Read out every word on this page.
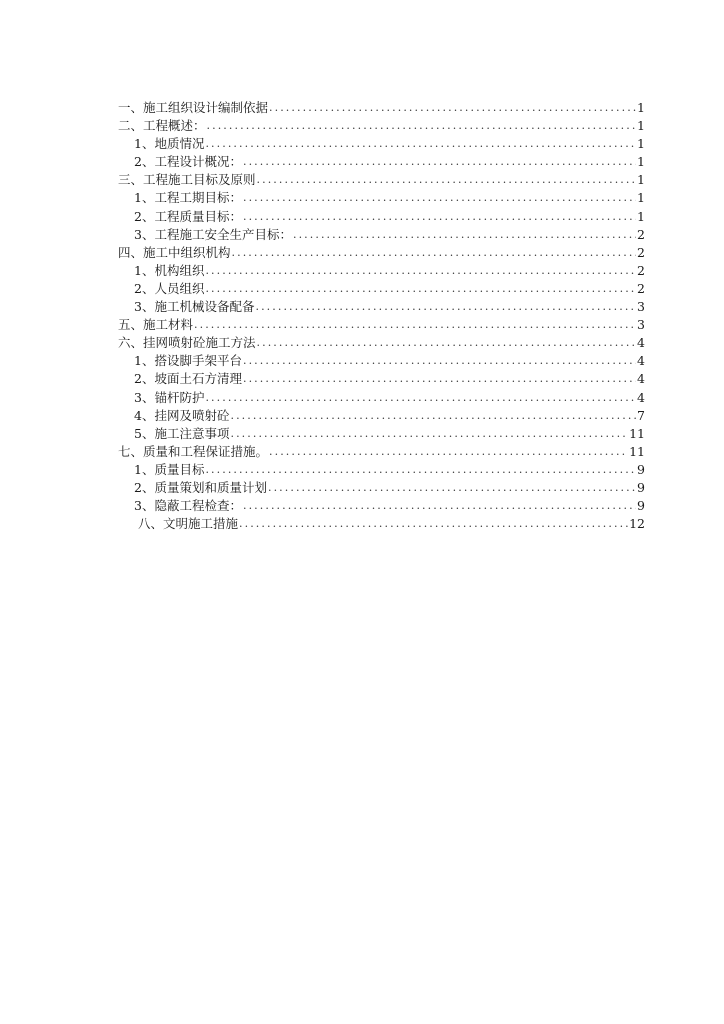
一、施工组织设计编制依据 .....	1
二、工程概述： .....	1
1、地质情况 .....	1
2、工程设计概况： .....	1
三、工程施工目标及原则 .....	1
1、工程工期目标： .....	1
2、工程质量目标： .....	1
3、工程施工安全生产目标： .....	2
四、施工中组织机构 .....	2
1、机构组织 .....	2
2、人员组织 .....	2
3、施工机械设备配备 .....	3
五、施工材料 .....	3
六、挂网喷射砼施工方法 .....	4
1、搭设脚手架平台 .....	4
2、坡面土石方清理 .....	4
3、锚杆防护 .....	4
4、挂网及喷射砼 .....	7
5、施工注意事项 .....	11
七、质量和工程保证措施。 .....	11
1、质量目标 .....	9
2、质量策划和质量计划 .....	9
3、隐蔽工程检查： .....	9
八、文明施工措施 .....	12
